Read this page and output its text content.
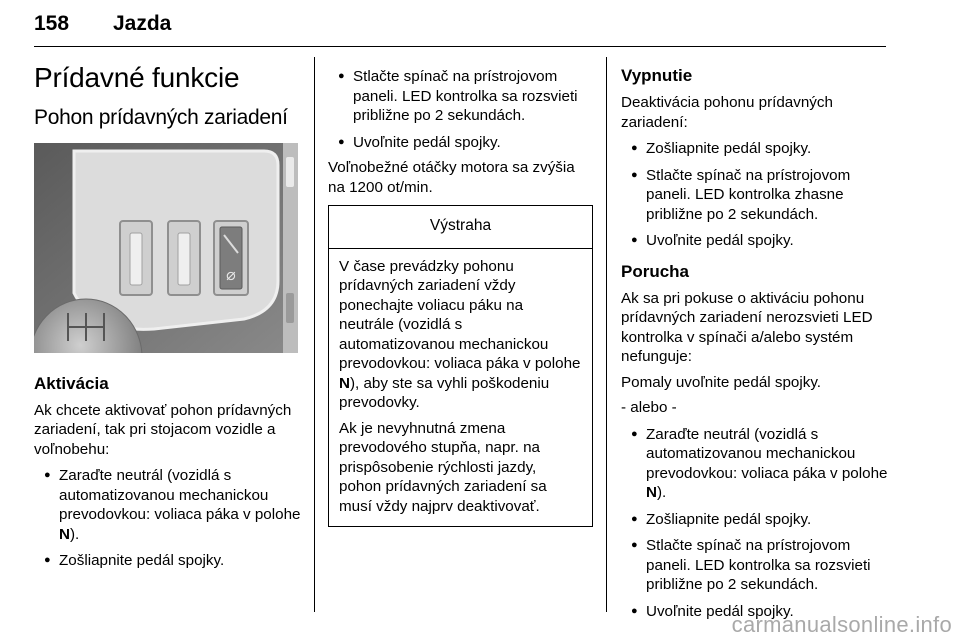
158 Jazda
Prídavné funkcie
Pohon prídavných zariadení
⌀
Aktivácia

Ak chcete aktivovať pohon prídavných zariadení, tak pri stojacom vozidle a voľnobehu:

● Zaraďte neutrál (vozidlá s automatizovanou mechanickou prevodovkou: voliaca páka v polohe N).
● Zošliapnite pedál spojky.
● Stlačte spínač na prístrojovom paneli. LED kontrolka sa rozsvieti približne po 2 sekundách.
● Uvoľnite pedál spojky.

Voľnobežné otáčky motora sa zvýšia na 1200 ot/min.

Výstraha

V čase prevádzky pohonu prídavných zariadení vždy ponechajte voliacu páku na neutrále (vozidlá s automatizovanou mechanickou prevodovkou: voliaca páka v polohe N), aby ste sa vyhli poškodeniu prevodovky.

Ak je nevyhnutná zmena prevodového stupňa, napr. na prispôsobenie rýchlosti jazdy, pohon prídavných zariadení sa musí vždy najprv deaktivovať.

Vypnutie

Deaktivácia pohonu prídavných zariadení:

● Zošliapnite pedál spojky.
● Stlačte spínač na prístrojovom paneli. LED kontrolka zhasne približne po 2 sekundách.
● Uvoľnite pedál spojky.
Porucha

Ak sa pri pokuse o aktiváciu pohonu prídavných zariadení nerozsvieti LED kontrolka v spínači a/alebo systém nefunguje:

Pomaly uvoľnite pedál spojky.

- alebo -

● Zaraďte neutrál (vozidlá s automatizovanou mechanickou prevodovkou: voliaca páka v polohe N).
● Zošliapnite pedál spojky.
● Stlačte spínač na prístrojovom paneli. LED kontrolka sa rozsvieti približne po 2 sekundách.
● Uvoľnite pedál spojky.
carmanualsonline.info
